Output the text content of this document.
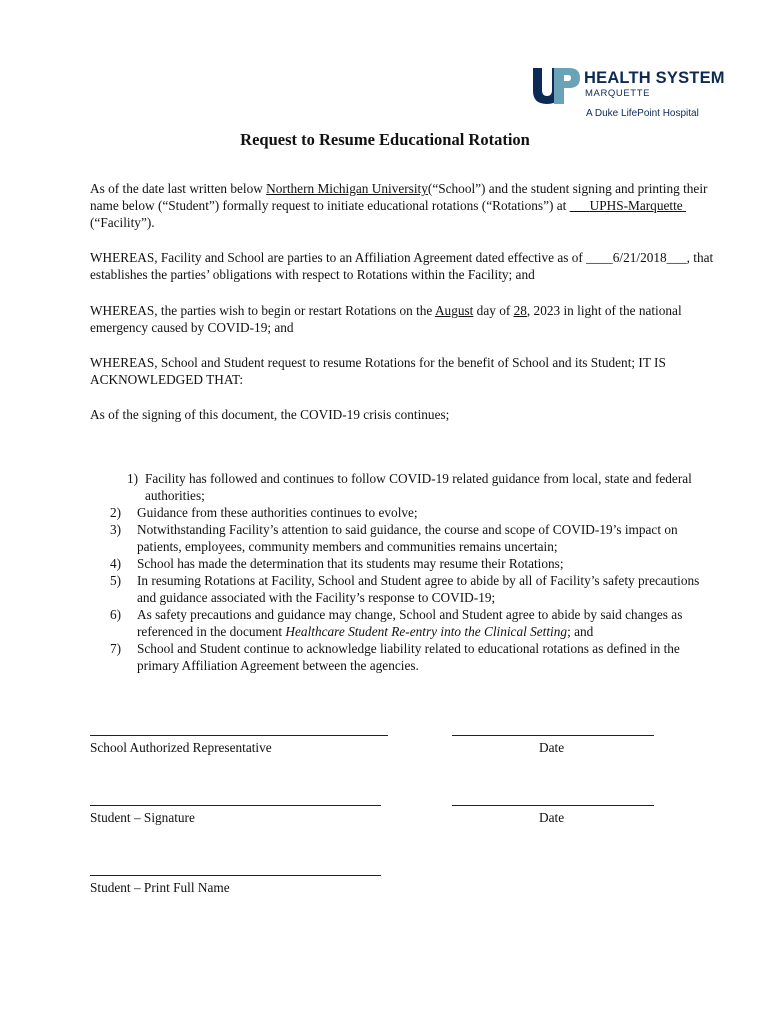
HEALTH SYSTEM
MARQUETTE
A Duke LifePoint Hospital
Request to Resume Educational Rotation
As of the date last written below Northern Michigan University(“School”) and the student signing and printing their name below (“Student”) formally request to initiate educational rotations (“Rotations”) at       UPHS-Marquette  (“Facility”).
WHEREAS, Facility and School are parties to an Affiliation Agreement dated effective as of ____6/21/2018___, that establishes the parties’ obligations with respect to Rotations within the Facility; and
WHEREAS, the parties wish to begin or restart Rotations on the August day of 28, 2023 in light of the national emergency caused by COVID-19; and
WHEREAS, School and Student request to resume Rotations for the benefit of School and its Student; IT IS ACKNOWLEDGED THAT:
As of the signing of this document, the COVID-19 crisis continues;
1) Facility has followed and continues to follow COVID-19 related guidance from local, state and federal authorities;
2) Guidance from these authorities continues to evolve;
3) Notwithstanding Facility’s attention to said guidance, the course and scope of COVID-19’s impact on patients, employees, community members and communities remains uncertain;
4) School has made the determination that its students may resume their Rotations;
5) In resuming Rotations at Facility, School and Student agree to abide by all of Facility’s safety precautions and guidance associated with the Facility’s response to COVID-19;
6) As safety precautions and guidance may change, School and Student agree to abide by said changes as referenced in the document Healthcare Student Re-entry into the Clinical Setting; and
7) School and Student continue to acknowledge liability related to educational rotations as defined in the primary Affiliation Agreement between the agencies.
School Authorized Representative	Date
Student – Signature	Date
Student – Print Full Name
